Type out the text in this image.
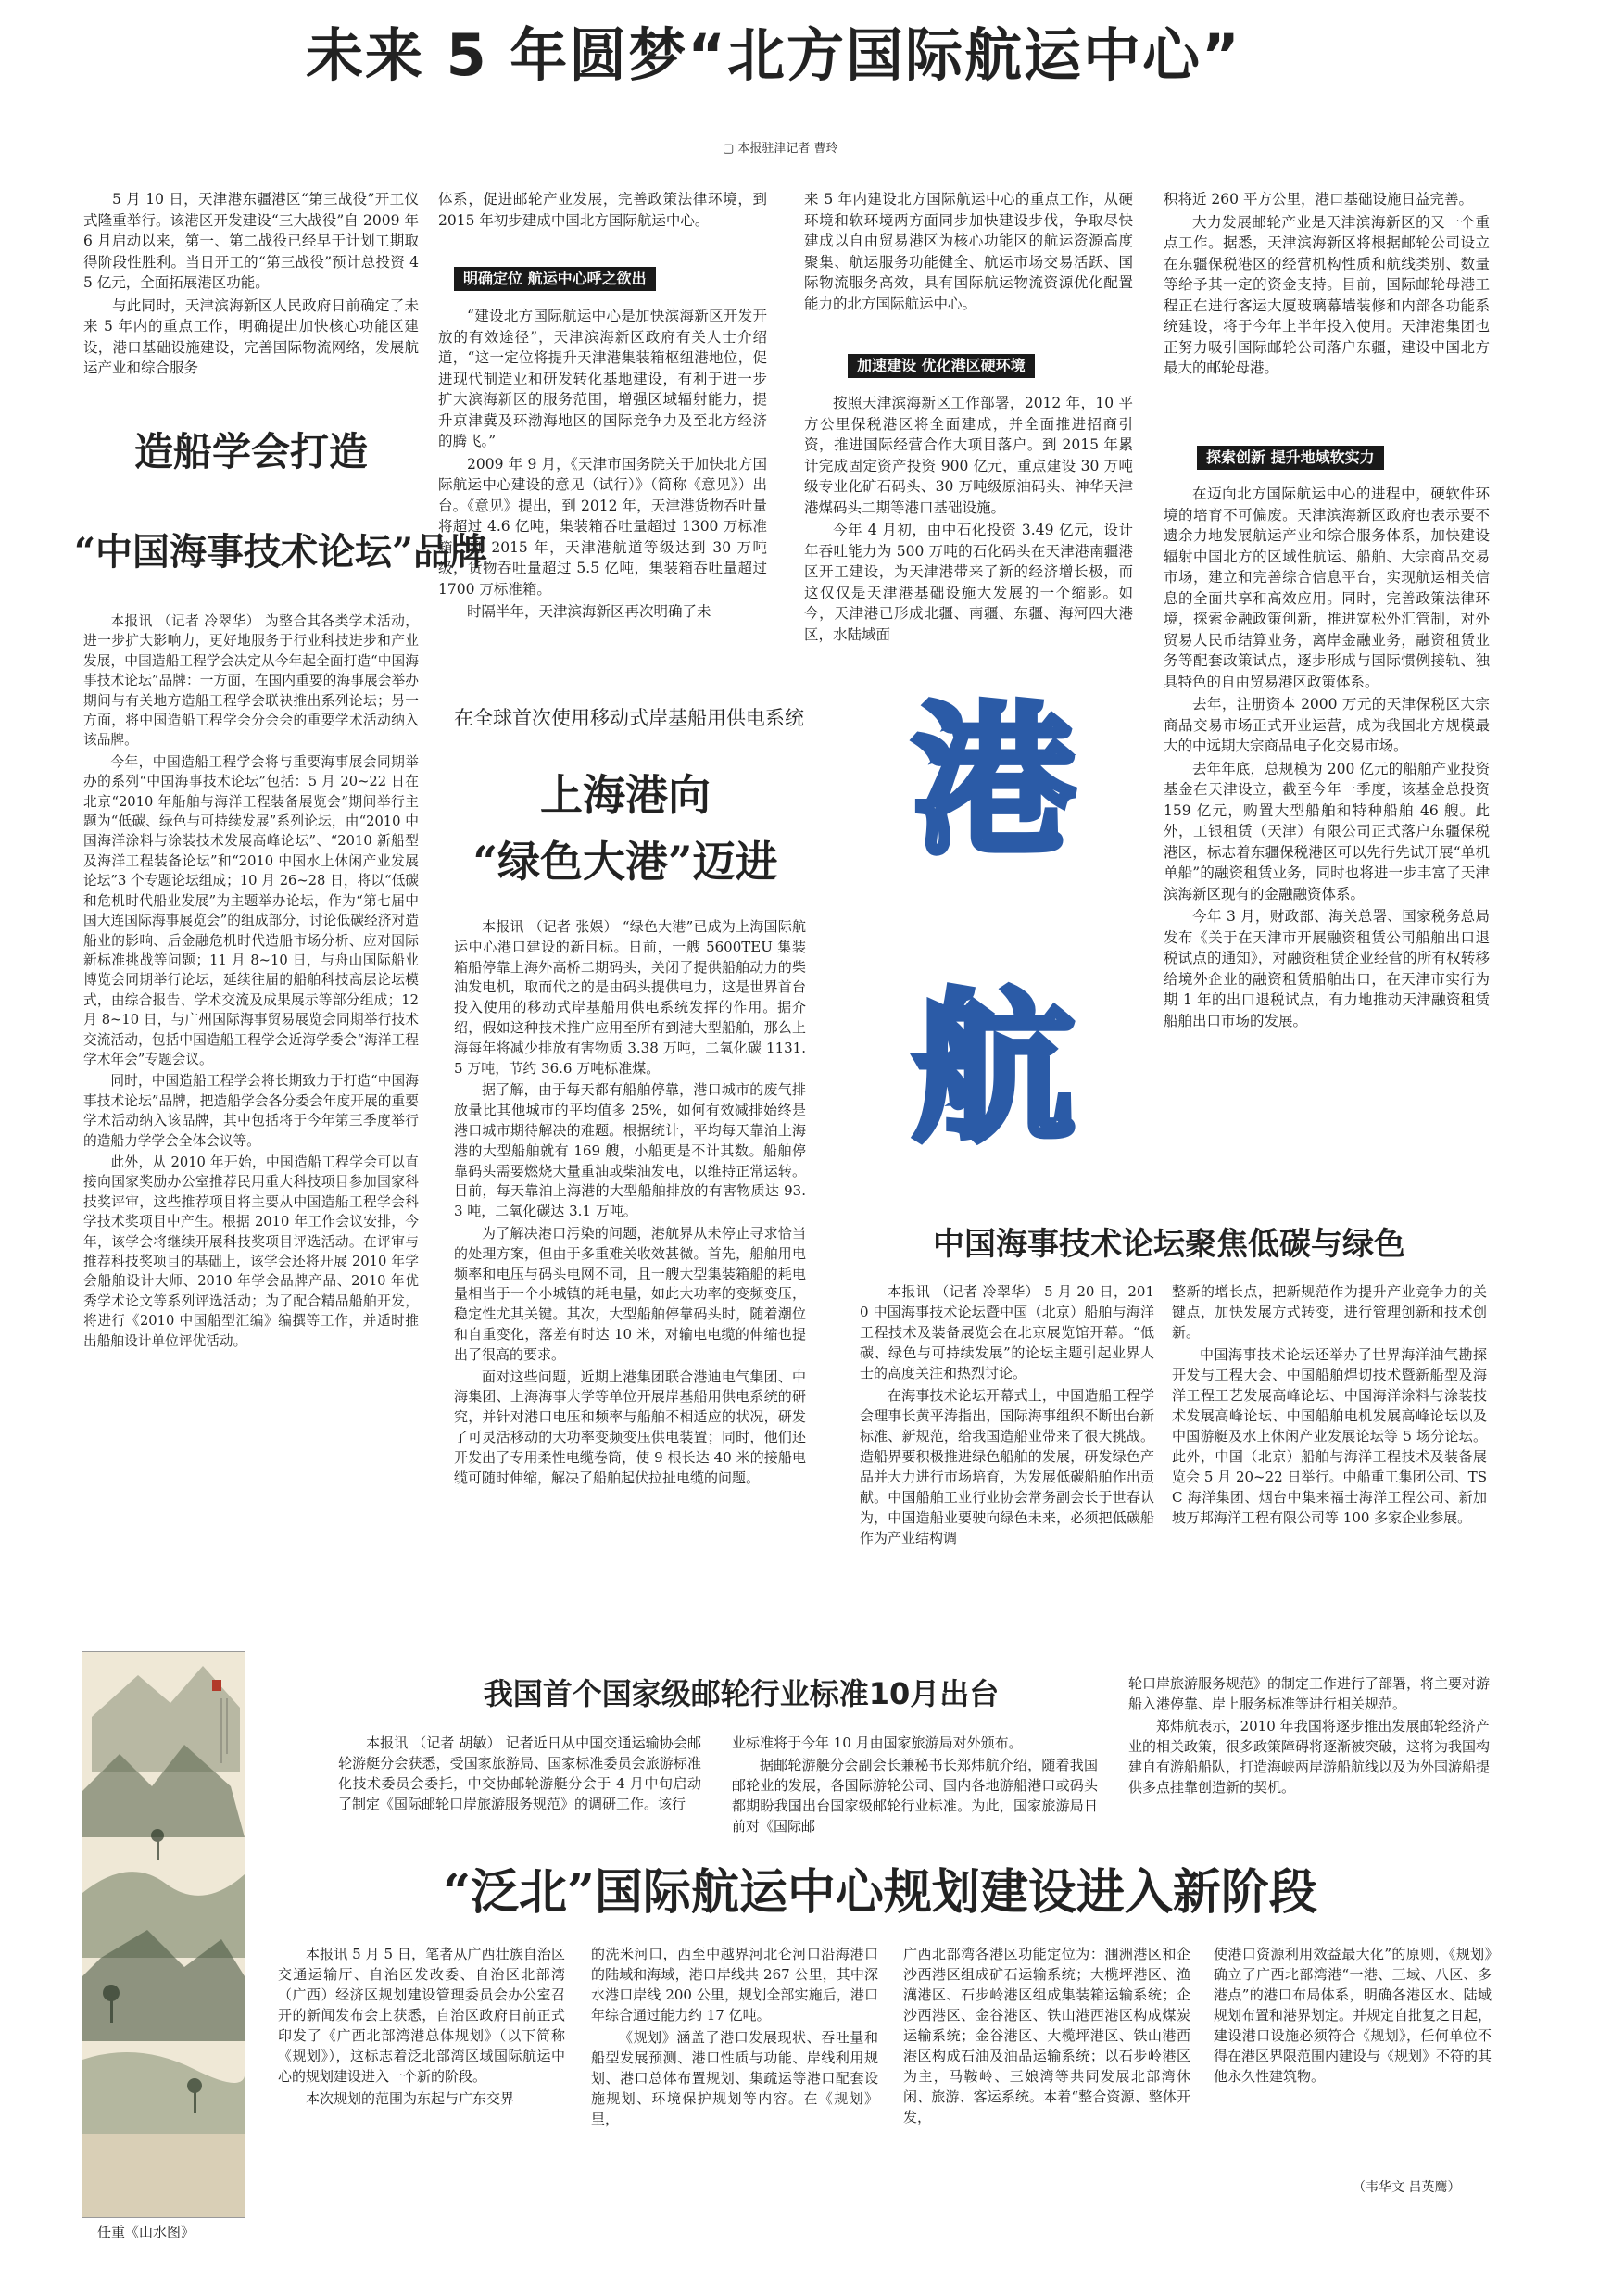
未来 5 年圆梦“北方国际航运中心”
▢ 本报驻津记者 曹玲

5 月 10 日，天津港东疆港区“第三战役”开工仪式隆重举行。该港区开发建设“三大战役”自 2009 年 6 月启动以来，第一、第二战役已经早于计划工期取得阶段性胜利。当日开工的“第三战役”预计总投资 45 亿元，全面拓展港区功能。

与此同时，天津滨海新区人民政府日前确定了未来 5 年内的重点工作，明确提出加快核心功能区建设，港口基础设施建设，完善国际物流网络，发展航运产业和综合服务

体系，促进邮轮产业发展，完善政策法律环境，到 2015 年初步建成中国北方国际航运中心。

明确定位 航运中心呼之欲出

“建设北方国际航运中心是加快滨海新区开发开放的有效途径”，天津滨海新区政府有关人士介绍道，“这一定位将提升天津港集装箱枢纽港地位，促进现代制造业和研发转化基地建设，有利于进一步扩大滨海新区的服务范围，增强区域辐射能力，提升京津冀及环渤海地区的国际竞争力及至北方经济的腾飞。”

2009 年 9 月，《天津市国务院关于加快北方国际航运中心建设的意见（试行）》（简称《意见》）出台。《意见》提出，到 2012 年，天津港货物吞吐量将超过 4.6 亿吨，集装箱吞吐量超过 1300 万标准箱；到 2015 年，天津港航道等级达到 30 万吨级，货物吞吐量超过 5.5 亿吨，集装箱吞吐量超过 1700 万标准箱。

时隔半年，天津滨海新区再次明确了未

来 5 年内建设北方国际航运中心的重点工作，从硬环境和软环境两方面同步加快建设步伐，争取尽快建成以自由贸易港区为核心功能区的航运资源高度聚集、航运服务功能健全、航运市场交易活跃、国际物流服务高效，具有国际航运物流资源优化配置能力的北方国际航运中心。

加速建设 优化港区硬环境

按照天津滨海新区工作部署，2012 年，10 平方公里保税港区将全面建成，并全面推进招商引资，推进国际经营合作大项目落户。到 2015 年累计完成固定资产投资 900 亿元，重点建设 30 万吨级专业化矿石码头、30 万吨级原油码头、神华天津港煤码头二期等港口基础设施。

今年 4 月初，由中石化投资 3.49 亿元，设计年吞吐能力为 500 万吨的石化码头在天津港南疆港区开工建设，为天津港带来了新的经济增长极，而这仅仅是天津港基础设施大发展的一个缩影。如今，天津港已形成北疆、南疆、东疆、海河四大港区，水陆域面

积将近 260 平方公里，港口基础设施日益完善。

大力发展邮轮产业是天津滨海新区的又一个重点工作。据悉，天津滨海新区将根据邮轮公司设立在东疆保税港区的经营机构性质和航线类别、数量等给予其一定的资金支持。目前，国际邮轮母港工程正在进行客运大厦玻璃幕墙装修和内部各功能系统建设，将于今年上半年投入使用。天津港集团也正努力吸引国际邮轮公司落户东疆，建设中国北方最大的邮轮母港。

探索创新 提升地域软实力

在迈向北方国际航运中心的进程中，硬软件环境的培育不可偏废。天津滨海新区政府也表示要不遗余力地发展航运产业和综合服务体系，加快建设辐射中国北方的区域性航运、船舶、大宗商品交易市场，建立和完善综合信息平台，实现航运相关信息的全面共享和高效应用。同时，完善政策法律环境，探索金融政策创新，推进宽松外汇管制，对外贸易人民币结算业务，离岸金融业务，融资租赁业务等配套政策试点，逐步形成与国际惯例接轨、独具特色的自由贸易港区政策体系。

去年，注册资本 2000 万元的天津保税区大宗商品交易市场正式开业运营，成为我国北方规模最大的中远期大宗商品电子化交易市场。

去年年底，总规模为 200 亿元的船舶产业投资基金在天津设立，截至今年一季度，该基金总投资 159 亿元，购置大型船舶和特种船舶 46 艘。此外，工银租赁（天津）有限公司正式落户东疆保税港区，标志着东疆保税港区可以先行先试开展“单机单船”的融资租赁业务，同时也将进一步丰富了天津滨海新区现有的金融融资体系。

今年 3 月，财政部、海关总署、国家税务总局发布《关于在天津市开展融资租赁公司船舶出口退税试点的通知》，对融资租赁企业经营的所有权转移给境外企业的融资租赁船舶出口，在天津市实行为期 1 年的出口退税试点，有力地推动天津融资租赁船舶出口市场的发展。

港
航
造船学会打造
“中国海事技术论坛”品牌

本报讯 （记者 冷翠华） 为整合其各类学术活动，进一步扩大影响力，更好地服务于行业科技进步和产业发展，中国造船工程学会决定从今年起全面打造“中国海事技术论坛”品牌：一方面，在国内重要的海事展会举办期间与有关地方造船工程学会联袂推出系列论坛；另一方面，将中国造船工程学会分会会的重要学术活动纳入该品牌。

今年，中国造船工程学会将与重要海事展会同期举办的系列“中国海事技术论坛”包括：5 月 20~22 日在北京“2010 年船舶与海洋工程装备展览会”期间举行主题为“低碳、绿色与可持续发展”系列论坛，由“2010 中国海洋涂料与涂装技术发展高峰论坛”、“2010 新船型及海洋工程装备论坛”和“2010 中国水上休闲产业发展论坛”3 个专题论坛组成；10 月 26~28 日，将以“低碳和危机时代船业发展”为主题举办论坛，作为“第七届中国大连国际海事展览会”的组成部分，讨论低碳经济对造船业的影响、后金融危机时代造船市场分析、应对国际新标准挑战等问题；11 月 8~10 日，与舟山国际船业博览会同期举行论坛，延续往届的船舶科技高层论坛模式，由综合报告、学术交流及成果展示等部分组成；12 月 8~10 日，与广州国际海事贸易展览会同期举行技术交流活动，包括中国造船工程学会近海学委会“海洋工程学术年会”专题会议。

同时，中国造船工程学会将长期致力于打造“中国海事技术论坛”品牌，把造船学会各分委会年度开展的重要学术活动纳入该品牌，其中包括将于今年第三季度举行的造船力学学会全体会议等。

此外，从 2010 年开始，中国造船工程学会可以直接向国家奖励办公室推荐民用重大科技项目参加国家科技奖评审，这些推荐项目将主要从中国造船工程学会科学技术奖项目中产生。根据 2010 年工作会议安排，今年，该学会将继续开展科技奖项目评选活动。在评审与推荐科技奖项目的基础上，该学会还将开展 2010 年学会船舶设计大师、2010 年学会品牌产品、2010 年优秀学术论文等系列评选活动；为了配合精品船舶开发，将进行《2010 中国船型汇编》编撰等工作，并适时推出船舶设计单位评优活动。

在全球首次使用移动式岸基船用供电系统
上海港向
“绿色大港”迈进

本报讯 （记者 张娱） “绿色大港”已成为上海国际航运中心港口建设的新目标。日前，一艘 5600TEU 集装箱船停靠上海外高桥二期码头，关闭了提供船舶动力的柴油发电机，取而代之的是由码头提供电力，这是世界首台投入使用的移动式岸基船用供电系统发挥的作用。据介绍，假如这种技术推广应用至所有到港大型船舶，那么上海每年将减少排放有害物质 3.38 万吨，二氧化碳 1131.5 万吨，节约 36.6 万吨标准煤。

据了解，由于每天都有船舶停靠，港口城市的废气排放量比其他城市的平均值多 25%，如何有效减排始终是港口城市期待解决的难题。根据统计，平均每天靠泊上海港的大型船舶就有 169 艘，小船更是不计其数。船舶停靠码头需要燃烧大量重油或柴油发电，以维持正常运转。目前，每天靠泊上海港的大型船舶排放的有害物质达 93.3 吨，二氧化碳达 3.1 万吨。

为了解决港口污染的问题，港航界从未停止寻求恰当的处理方案，但由于多重难关收效甚微。首先，船舶用电频率和电压与码头电网不同，且一艘大型集装箱船的耗电量相当于一个小城镇的耗电量，如此大功率的变频变压，稳定性尤其关键。其次，大型船舶停靠码头时，随着潮位和自重变化，落差有时达 10 米，对输电电缆的伸缩也提出了很高的要求。

面对这些问题，近期上港集团联合港迪电气集团、中海集团、上海海事大学等单位开展岸基船用供电系统的研究，并针对港口电压和频率与船舶不相适应的状况，研发了可灵活移动的大功率变频变压供电装置；同时，他们还开发出了专用柔性电缆卷筒，使 9 根长达 40 米的接船电缆可随时伸缩，解决了船舶起伏拉扯电缆的问题。

中国海事技术论坛聚焦低碳与绿色

本报讯 （记者 冷翠华） 5 月 20 日，2010 中国海事技术论坛暨中国（北京）船舶与海洋工程技术及装备展览会在北京展览馆开幕。“低碳、绿色与可持续发展”的论坛主题引起业界人士的高度关注和热烈讨论。

在海事技术论坛开幕式上，中国造船工程学会理事长黄平涛指出，国际海事组织不断出台新标准、新规范，给我国造船业带来了很大挑战。造船界要积极推进绿色船舶的发展，研发绿色产品并大力进行市场培育，为发展低碳船舶作出贡献。中国船舶工业行业协会常务副会长于世春认为，中国造船业要驶向绿色未来，必须把低碳船作为产业结构调

整新的增长点，把新规范作为提升产业竞争力的关键点，加快发展方式转变，进行管理创新和技术创新。

中国海事技术论坛还举办了世界海洋油气勘探开发与工程大会、中国船舶焊切技术暨新船型及海洋工程工艺发展高峰论坛、中国海洋涂料与涂装技术发展高峰论坛、中国船舶电机发展高峰论坛以及中国游艇及水上休闲产业发展论坛等 5 场分论坛。此外，中国（北京）船舶与海洋工程技术及装备展览会 5 月 20~22 日举行。中船重工集团公司、TSC 海洋集团、烟台中集来福士海洋工程公司、新加坡万邦海洋工程有限公司等 100 多家企业参展。

任重《山水图》
我国首个国家级邮轮行业标准10月出台

本报讯 （记者 胡敏） 记者近日从中国交通运输协会邮轮游艇分会获悉，受国家旅游局、国家标准委员会旅游标准化技术委员会委托，中交协邮轮游艇分会于 4 月中旬启动了制定《国际邮轮口岸旅游服务规范》的调研工作。该行

业标准将于今年 10 月由国家旅游局对外颁布。

据邮轮游艇分会副会长兼秘书长郑炜航介绍，随着我国邮轮业的发展，各国际游轮公司、国内各地游船港口或码头都期盼我国出台国家级邮轮行业标准。为此，国家旅游局日前对《国际邮

轮口岸旅游服务规范》的制定工作进行了部署，将主要对游船入港停靠、岸上服务标准等进行相关规范。

郑炜航表示，2010 年我国将逐步推出发展邮轮经济产业的相关政策，很多政策障碍将逐渐被突破，这将为我国构建自有游船船队，打造海峡两岸游船航线以及为外国游船提供多点挂靠创造新的契机。

“泛北”国际航运中心规划建设进入新阶段

本报讯 5 月 5 日，笔者从广西壮族自治区交通运输厅、自治区发改委、自治区北部湾（广西）经济区规划建设管理委员会办公室召开的新闻发布会上获悉，自治区政府日前正式印发了《广西北部湾港总体规划》（以下简称《规划》），这标志着泛北部湾区域国际航运中心的规划建设进入一个新的阶段。

本次规划的范围为东起与广东交界

的洗米河口，西至中越界河北仑河口沿海港口的陆域和海域，港口岸线共 267 公里，其中深水港口岸线 200 公里，规划全部实施后，港口年综合通过能力约 17 亿吨。

《规划》涵盖了港口发展现状、吞吐量和船型发展预测、港口性质与功能、岸线利用规划、港口总体布置规划、集疏运等港口配套设施规划、环境保护规划等内容。在《规划》里，

广西北部湾各港区功能定位为：涠洲港区和企沙西港区组成矿石运输系统；大榄坪港区、渔澫港区、石步岭港区组成集装箱运输系统；企沙西港区、金谷港区、铁山港西港区构成煤炭运输系统；金谷港区、大榄坪港区、铁山港西港区构成石油及油品运输系统；以石步岭港区为主，马鞍岭、三娘湾等共同发展北部湾休闲、旅游、客运系统。本着“整合资源、整体开发，

使港口资源利用效益最大化”的原则，《规划》确立了广西北部湾港“一港、三域、八区、多港点”的港口布局体系，明确各港区水、陆域规划布置和港界划定。并规定自批复之日起，建设港口设施必须符合《规划》，任何单位不得在港区界限范围内建设与《规划》不符的其他永久性建筑物。

（韦华文 吕英鹰）
